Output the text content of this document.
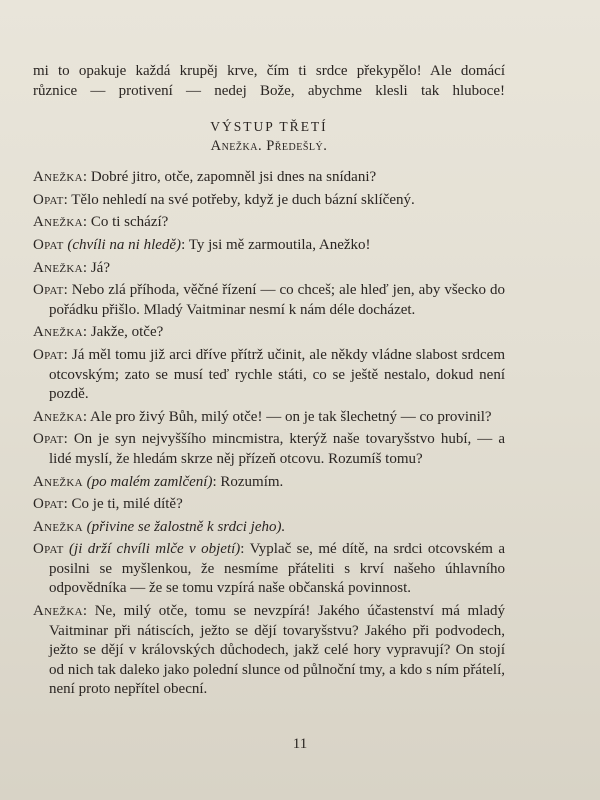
mi to opakuje každá krupěj krve, čím ti srdce překypělo! Ale domácí

různice — protivení — nedej Bože, abychme klesli tak hluboce!

VÝSTUP TŘETÍ
Anežka. Předešlý.

Anežka: Dobré jitro, otče, zapomněl jsi dnes na snídani?

Opat: Tělo nehledí na své potřeby, když je duch bázní sklíčený.

Anežka: Co ti schází?

Opat (chvíli na ni hledě): Ty jsi mě zarmoutila, Anežko!

Anežka: Já?

Opat: Nebo zlá příhoda, věčné řízení — co chceš; ale hleď jen, aby všecko do pořádku přišlo. Mladý Vaitminar nesmí k nám déle docházet.

Anežka: Jakže, otče?

Opat: Já měl tomu již arci dříve přítrž učinit, ale někdy vládne slabost srdcem otcovským; zato se musí teď rychle státi, co se ještě nestalo, dokud není pozdě.

Anežka: Ale pro živý Bůh, milý otče! — on je tak šlechetný — co provinil?

Opat: On je syn nejvyššího mincmistra, kterýž naše tovaryšstvo hubí, — a lidé myslí, že hledám skrze něj přízeň otcovu. Rozumíš tomu?

Anežka (po malém zamlčení): Rozumím.

Opat: Co je ti, milé dítě?

Anežka (přivine se žalostně k srdci jeho).

Opat (ji drží chvíli mlče v objetí): Vyplač se, mé dítě, na srdci otcovském a posilni se myšlenkou, že nesmíme přáteliti s krví našeho úhlavního odpovědníka — že se tomu vzpírá naše občanská povinnost.

Anežka: Ne, milý otče, tomu se nevzpírá! Jakého účastenství má mladý Vaitminar při nátiscích, ježto se dějí tovaryšstvu? Jakého při podvodech, ježto se dějí v královských důchodech, jakž celé hory vypravují? On stojí od nich tak daleko jako polední slunce od půlnoční tmy, a kdo s ním přátelí, není proto nepřítel obecní.

11
